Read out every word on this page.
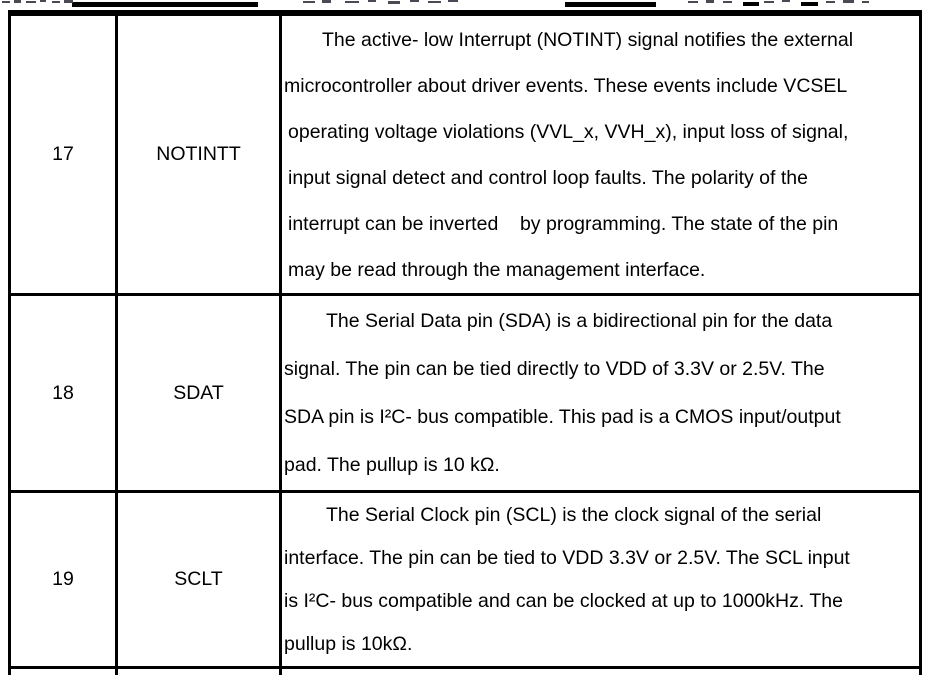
17	NOTINTT
The active- low Interrupt (NOTINT) signal notifies the external
microcontroller about driver events. These events include VCSEL
operating voltage violations (VVL_x, VVH_x), input loss of signal,
input signal detect and control loop faults. The polarity of the
interrupt can be inverted    by programming. The state of the pin
may be read through the management interface.
18	SDAT
The Serial Data pin (SDA) is a bidirectional pin for the data
signal. The pin can be tied directly to VDD of 3.3V or 2.5V. The
SDA pin is I²C- bus compatible. This pad is a CMOS input/output
pad. The pullup is 10 kΩ.
19	SCLT
The Serial Clock pin (SCL) is the clock signal of the serial
interface. The pin can be tied to VDD 3.3V or 2.5V. The SCL input
is I²C- bus compatible and can be clocked at up to 1000kHz. The
pullup is 10kΩ.
